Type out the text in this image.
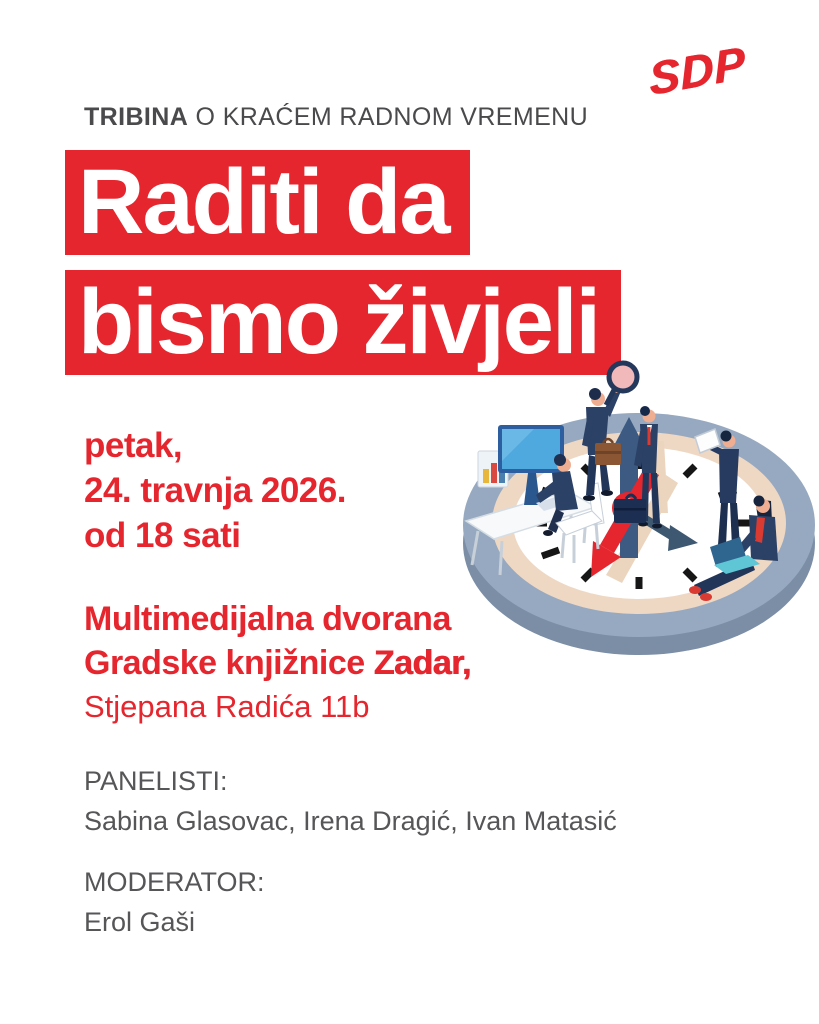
SDP
TRIBINA O KRAĆEM RADNOM VREMENU
Raditi da
bismo živjeli
petak,
24. travnja 2026.
od 18 sati
Multimedijalna dvorana
Gradske knjižnice Zadar,
Stjepana Radića 11b
PANELISTI:
Sabina Glasovac, Irena Dragić, Ivan Matasić
MODERATOR:
Erol Gaši
